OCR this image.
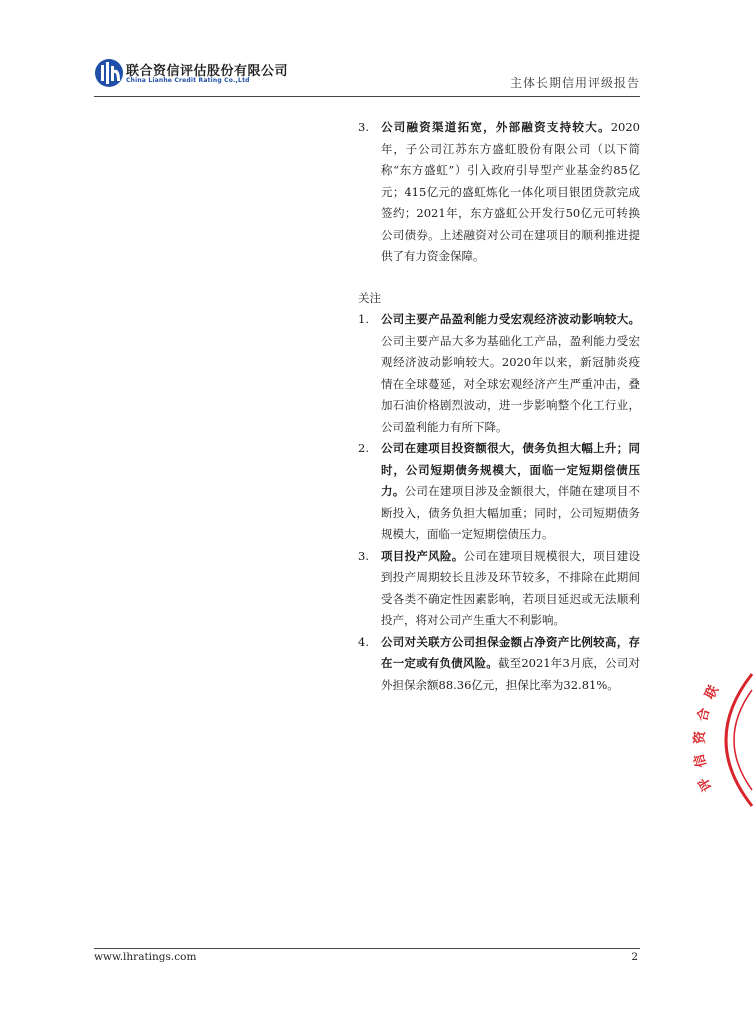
联合资信评估股份有限公司
China Lianhe Credit Rating Co.,Ltd	主体长期信用评级报告
3.	公司融资渠道拓宽，外部融资支持较大。2020年，子公司江苏东方盛虹股份有限公司（以下简称“东方盛虹”）引入政府引导型产业基金约85亿元；415亿元的盛虹炼化一体化项目银团贷款完成签约；2021年，东方盛虹公开发行50亿元可转换公司债券。上述融资对公司在建项目的顺利推进提供了有力资金保障。
关注
1.	公司主要产品盈利能力受宏观经济波动影响较大。公司主要产品大多为基础化工产品，盈利能力受宏观经济波动影响较大。2020年以来，新冠肺炎疫情在全球蔓延，对全球宏观经济产生严重冲击，叠加石油价格剧烈波动，进一步影响整个化工行业，公司盈利能力有所下降。
2.	公司在建项目投资额很大，债务负担大幅上升；同时，公司短期债务规模大，面临一定短期偿债压力。公司在建项目涉及金额很大，伴随在建项目不断投入，债务负担大幅加重；同时，公司短期债务规模大，面临一定短期偿债压力。
3.	项目投产风险。公司在建项目规模很大，项目建设到投产周期较长且涉及环节较多，不排除在此期间受各类不确定性因素影响，若项目延迟或无法顺利投产，将对公司产生重大不利影响。
4.	公司对关联方公司担保金额占净资产比例较高，存在一定或有负债风险。截至2021年3月底，公司对外担保余额88.36亿元，担保比率为32.81%。	联
合
资
信
评
www.lhratings.com	2
